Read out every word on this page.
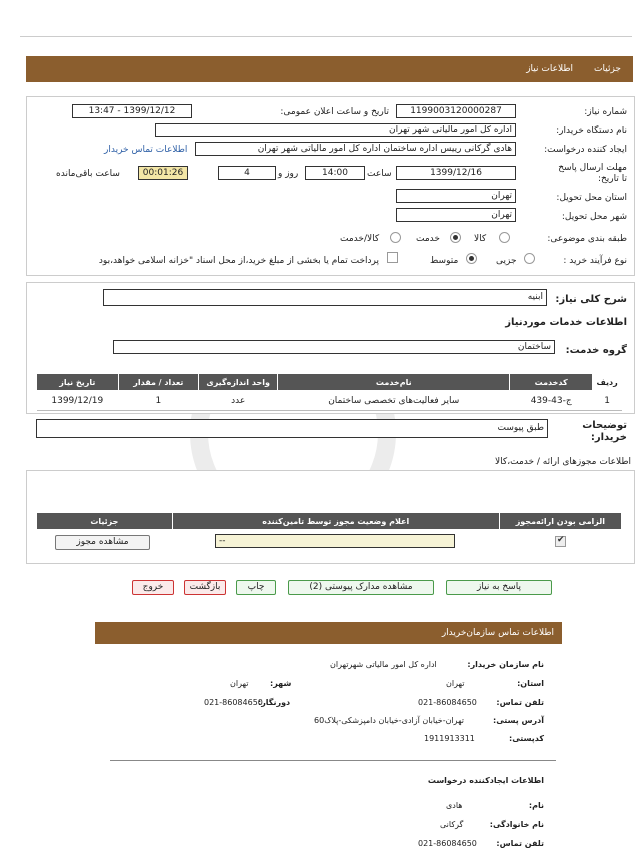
جزئیات
اطلاعات نیاز
شماره نیاز:
1199003120000287
تاریخ و ساعت اعلان عمومی:
1399/12/12 - 13:47
نام دستگاه خریدار:
اداره کل امور مالیاتی شهر تهران
ایجاد کننده درخواست:
هادی گرکانی رییس اداره ساختمان اداره کل امور مالیاتی شهر تهران
اطلاعات تماس خریدار
مهلت ارسال پاسخ تا تاریخ:
1399/12/16
ساعت
14:00
روز و
4
00:01:26
ساعت باقی‌مانده
استان محل تحویل:
تهران
شهر محل تحویل:
تهران
طبقه بندی موضوعی:
کالا
خدمت
کالا/خدمت
نوع فرآیند خرید :
جزیی
متوسط
پرداخت تمام یا بخشی از مبلغ خرید،از محل اسناد "خزانه اسلامی خواهد،بود
شرح کلی نیاز:
ابنیه
اطلاعات خدمات موردنیاز
گروه خدمت:
ساختمان
تاریخ نیاز	تعداد / مقدار	واحد اندازه‌گیری	نام‌خدمت	کدخدمت	ردیف
1399/12/19	1	عدد	سایر فعالیت‌های تخصصی ساختمان	ج-43-439	1
توضیحات خریدار:
طبق پیوست
اطلاعات مجوزهای ارائه / خدمت،کالا
جزئیات	اعلام وضعیت مجوز توسط تامین‌کننده	الزامی بودن ارائه‌مجوز

مشاهده مجوز	--	✔
پاسخ به نیاز
مشاهده مدارک پیوستی (2)
چاپ
بازگشت
خروج
اطلاعات تماس سازمان‌خریدار
نام سازمان خریدار:
اداره کل امور مالیاتی شهرتهران
استان:
تهران
شهر:
تهران
تلفن تماس:
021-86084650
دورنگار:
021-86084650
آدرس پستی:
تهران-خیابان آزادی-خیابان دامپزشکی-پلاک60
کدپستی:
1911913311
اطلاعات ایجادکننده درخواست
نام:
هادی
نام خانوادگی:
گرکانی
تلفن تماس:
021-86084650
